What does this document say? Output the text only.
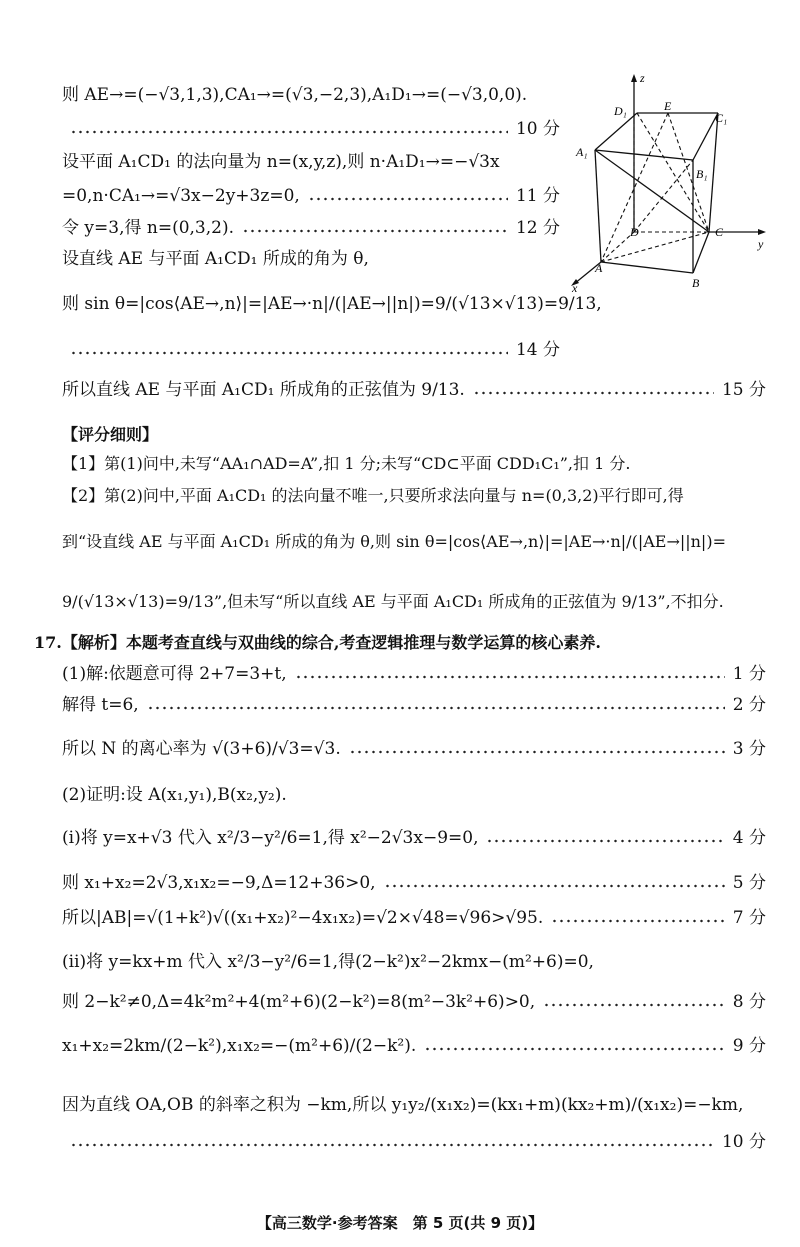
则 AE→=(−√3,1,3),CA₁→=(√3,−2,3),A₁D₁→=(−√3,0,0).
10 分
设平面 A₁CD₁ 的法向量为 n=(x,y,z),则 n·A₁D₁→=−√3x
=0,n·CA₁→=√3x−2y+3z=0,	11 分
令 y=3,得 n=(0,3,2).	12 分
设直线 AE 与平面 A₁CD₁ 所成的角为 θ,
则 sin θ=|cos⟨AE→,n⟩|=|AE→·n|/(|AE→||n|)=9/(√13×√13)=9/13,
14 分
z
y
x
D₁	E
C₁
A₁
B₁
D	C
A
B
所以直线 AE 与平面 A₁CD₁ 所成角的正弦值为 9/13.	15 分
【评分细则】
【1】第(1)问中,未写“AA₁∩AD=A”,扣 1 分;未写“CD⊂平面 CDD₁C₁”,扣 1 分.
【2】第(2)问中,平面 A₁CD₁ 的法向量不唯一,只要所求法向量与 n=(0,3,2)平行即可,得
到“设直线 AE 与平面 A₁CD₁ 所成的角为 θ,则 sin θ=|cos⟨AE→,n⟩|=|AE→·n|/(|AE→||n|)=
9/(√13×√13)=9/13”,但未写“所以直线 AE 与平面 A₁CD₁ 所成角的正弦值为 9/13”,不扣分.
17.【解析】本题考查直线与双曲线的综合,考查逻辑推理与数学运算的核心素养.
(1)解:依题意可得 2+7=3+t,	1 分
解得 t=6,	2 分
所以 N 的离心率为 √(3+6)/√3=√3.	3 分
(2)证明:设 A(x₁,y₁),B(x₂,y₂).
(ⅰ)将 y=x+√3 代入 x²/3−y²/6=1,得 x²−2√3x−9=0,	4 分
则 x₁+x₂=2√3,x₁x₂=−9,Δ=12+36>0,	5 分
所以|AB|=√(1+k²)√((x₁+x₂)²−4x₁x₂)=√2×√48=√96>√95.	7 分
(ⅱ)将 y=kx+m 代入 x²/3−y²/6=1,得(2−k²)x²−2kmx−(m²+6)=0,
则 2−k²≠0,Δ=4k²m²+4(m²+6)(2−k²)=8(m²−3k²+6)>0,	8 分
x₁+x₂=2km/(2−k²),x₁x₂=−(m²+6)/(2−k²).	9 分
因为直线 OA,OB 的斜率之积为 −km,所以 y₁y₂/(x₁x₂)=(kx₁+m)(kx₂+m)/(x₁x₂)=−km,
10 分
【高三数学·参考答案　第 5 页(共 9 页)】
